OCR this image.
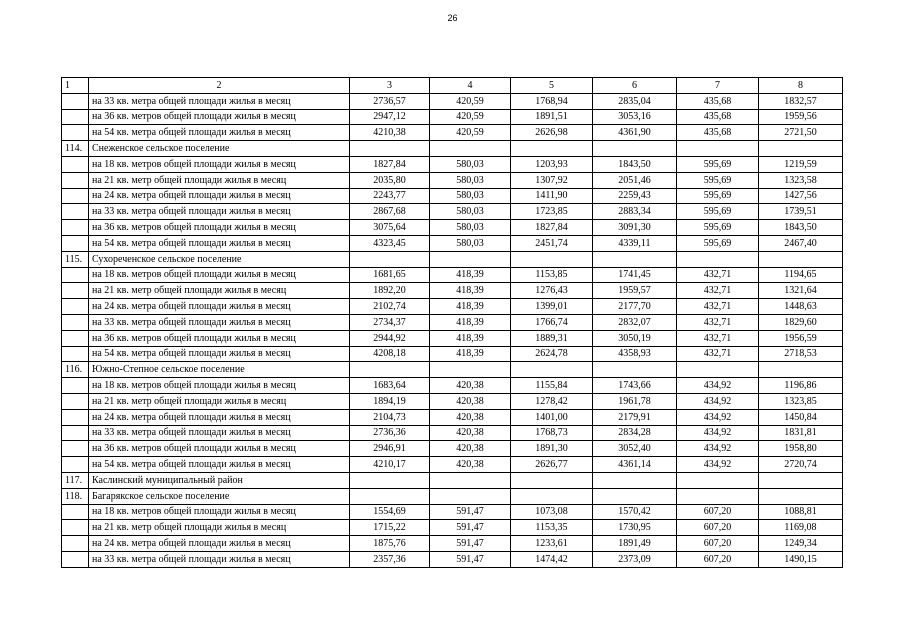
26
1	2	3	4	5	6	7	8
	на 33 кв. метра общей площади жилья в месяц	2736,57	420,59	1768,94	2835,04	435,68	1832,57
	на 36 кв. метров общей площади жилья в месяц	2947,12	420,59	1891,51	3053,16	435,68	1959,56
	на 54 кв. метра общей площади жилья в месяц	4210,38	420,59	2626,98	4361,90	435,68	2721,50
114.	Снеженское сельское поселение						
	на 18 кв. метров общей площади жилья в месяц	1827,84	580,03	1203,93	1843,50	595,69	1219,59
	на 21 кв. метр общей площади жилья в месяц	2035,80	580,03	1307,92	2051,46	595,69	1323,58
	на 24 кв. метра общей площади жилья в месяц	2243,77	580,03	1411,90	2259,43	595,69	1427,56
	на 33 кв. метра общей площади жилья в месяц	2867,68	580,03	1723,85	2883,34	595,69	1739,51
	на 36 кв. метров общей площади жилья в месяц	3075,64	580,03	1827,84	3091,30	595,69	1843,50
	на 54 кв. метра общей площади жилья в месяц	4323,45	580,03	2451,74	4339,11	595,69	2467,40
115.	Сухореченское сельское поселение						
	на 18 кв. метров общей площади жилья в месяц	1681,65	418,39	1153,85	1741,45	432,71	1194,65
	на 21 кв. метр общей площади жилья в месяц	1892,20	418,39	1276,43	1959,57	432,71	1321,64
	на 24 кв. метра общей площади жилья в месяц	2102,74	418,39	1399,01	2177,70	432,71	1448,63
	на 33 кв. метра общей площади жилья в месяц	2734,37	418,39	1766,74	2832,07	432,71	1829,60
	на 36 кв. метров общей площади жилья в месяц	2944,92	418,39	1889,31	3050,19	432,71	1956,59
	на 54 кв. метра общей площади жилья в месяц	4208,18	418,39	2624,78	4358,93	432,71	2718,53
116.	Южно-Степное сельское поселение						
	на 18 кв. метров общей площади жилья в месяц	1683,64	420,38	1155,84	1743,66	434,92	1196,86
	на 21 кв. метр общей площади жилья в месяц	1894,19	420,38	1278,42	1961,78	434,92	1323,85
	на 24 кв. метра общей площади жилья в месяц	2104,73	420,38	1401,00	2179,91	434,92	1450,84
	на 33 кв. метра общей площади жилья в месяц	2736,36	420,38	1768,73	2834,28	434,92	1831,81
	на 36 кв. метров общей площади жилья в месяц	2946,91	420,38	1891,30	3052,40	434,92	1958,80
	на 54 кв. метра общей площади жилья в месяц	4210,17	420,38	2626,77	4361,14	434,92	2720,74
117.	Каслинский муниципальный район						
118.	Багарякское сельское поселение						
	на 18 кв. метров общей площади жилья в месяц	1554,69	591,47	1073,08	1570,42	607,20	1088,81
	на 21 кв. метр общей площади жилья в месяц	1715,22	591,47	1153,35	1730,95	607,20	1169,08
	на 24 кв. метра общей площади жилья в месяц	1875,76	591,47	1233,61	1891,49	607,20	1249,34
	на 33 кв. метра общей площади жилья в месяц	2357,36	591,47	1474,42	2373,09	607,20	1490,15
